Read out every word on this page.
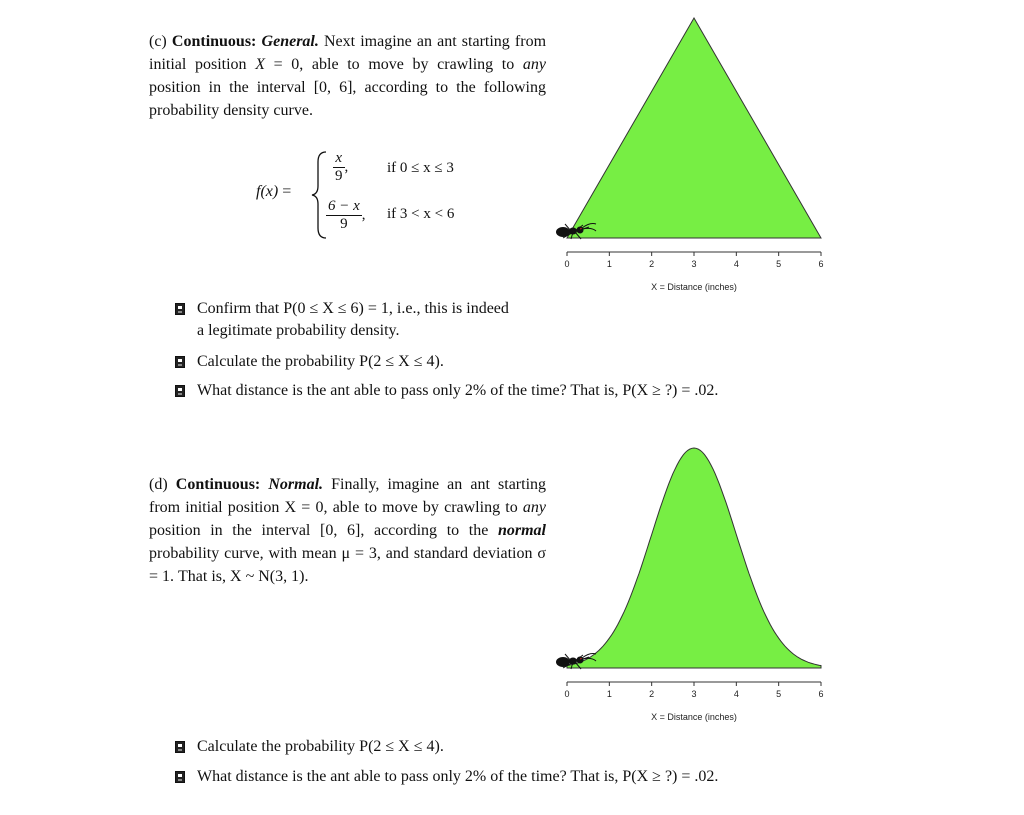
(c) Continuous: General. Next imagine an ant starting from initial position X = 0, able to move by crawling to any position in the interval [0, 6], according to the following probability density curve.
f(x) =
$\frac{x}{9}$ ,	if 0 ≤ x ≤ 3
$\frac{6 - x}{9}$ , if 3 < x < 6
0	1	2	3	4	5	6
X = Distance (inches)
Confirm that P(0 ≤ X ≤ 6) = 1, i.e., this is indeed
a legitimate probability density.
Calculate the probability P(2 ≤ X ≤ 4).
What distance is the ant able to pass only 2% of the time? That is, P(X ≥ ?) = .02.
(d) Continuous: Normal. Finally, imagine an ant starting from initial position X = 0, able to move by crawling to any position in the interval [0, 6], according to the normal probability curve, with mean μ = 3, and standard deviation σ = 1. That is, X ~ N(3, 1).
0	1	2	3	4	5	6
X = Distance (inches)
Calculate the probability P(2 ≤ X ≤ 4).
What distance is the ant able to pass only 2% of the time? That is, P(X ≥ ?) = .02.
